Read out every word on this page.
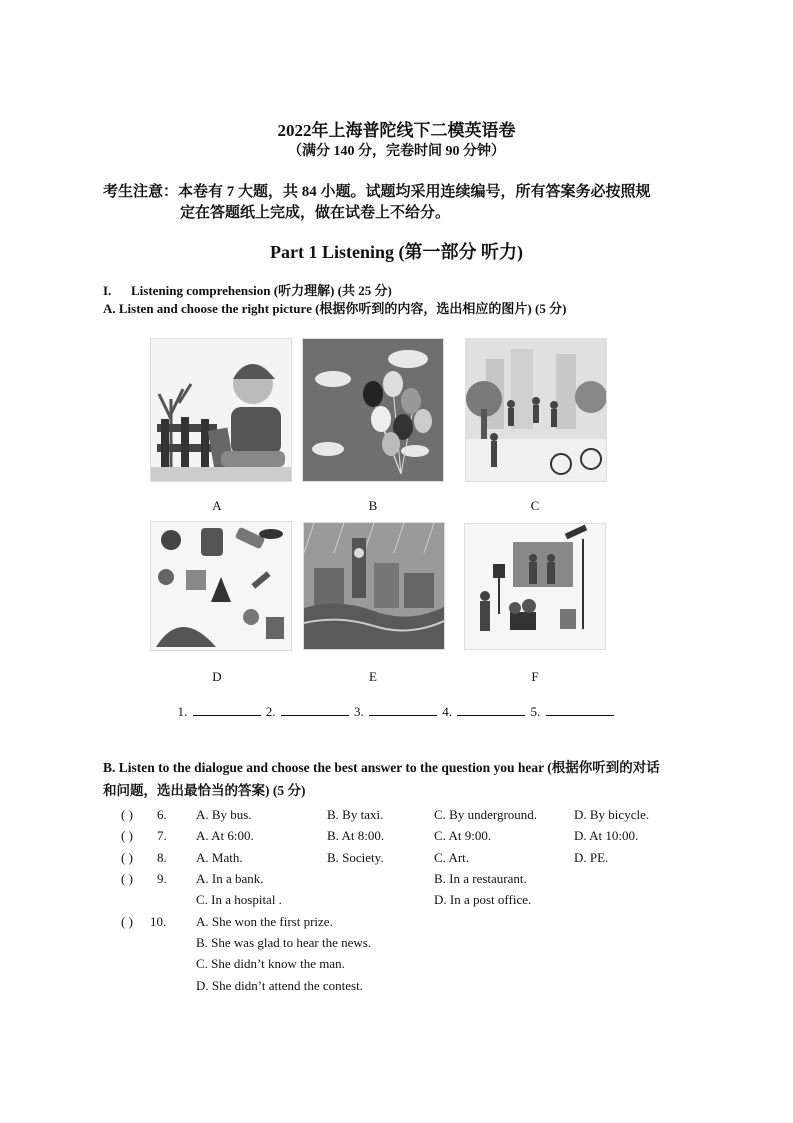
2022年上海普陀线下二模英语卷
（满分 140 分，完卷时间 90 分钟）
考生注意：本卷有 7 大题，共 84 小题。试题均采用连续编号，所有答案务必按照规
定在答题纸上完成，做在试卷上不给分。
Part 1 Listening (第一部分 听力)
I. Listening comprehension (听力理解) (共 25 分)
A. Listen and choose the right picture (根据你听到的内容，选出相应的图片) (5 分)
A	B	C
D	E	F
1.	2.	3.	4.	5.
B. Listen to the dialogue and choose the best answer to the question you hear (根据你听到的对话
和问题，选出最恰当的答案) (5 分)
( ) 6. A. By bus.	B. By taxi.	C. By underground.	D. By bicycle.
( ) 7. A. At 6:00.	B. At 8:00.	C. At 9:00.	D. At 10:00.
( ) 8. A. Math.	B. Society.	C. Art.	D. PE.
( ) 9. A. In a bank.	B. In a restaurant.
C. In a hospital .	D. In a post office.
( ) 10. A. She won the first prize.
B. She was glad to hear the news.
C. She didn’t know the man.
D. She didn’t attend the contest.
